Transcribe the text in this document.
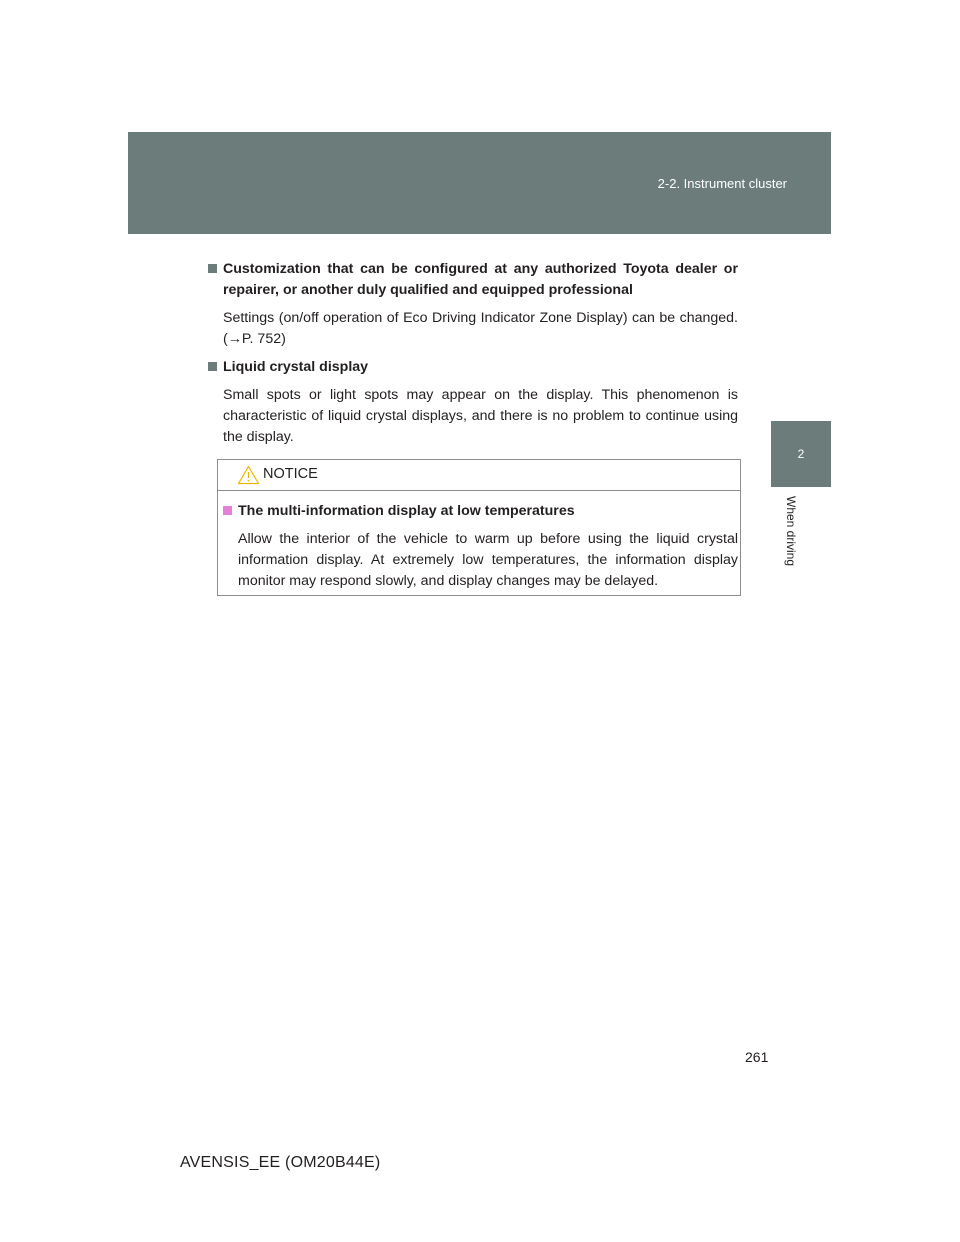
2-2. Instrument cluster
2
When driving

Customization that can be configured at any authorized Toyota dealer or repairer, or another duly qualified and equipped professional

Settings (on/off operation of Eco Driving Indicator Zone Display) can be changed. (→P. 752)

Liquid crystal display

Small spots or light spots may appear on the display. This phenomenon is characteristic of liquid crystal displays, and there is no problem to continue using the display.

NOTICE

The multi-information display at low temperatures

Allow the interior of the vehicle to warm up before using the liquid crystal information display. At extremely low temperatures, the information display monitor may respond slowly, and display changes may be delayed.

261
AVENSIS_EE (OM20B44E)
